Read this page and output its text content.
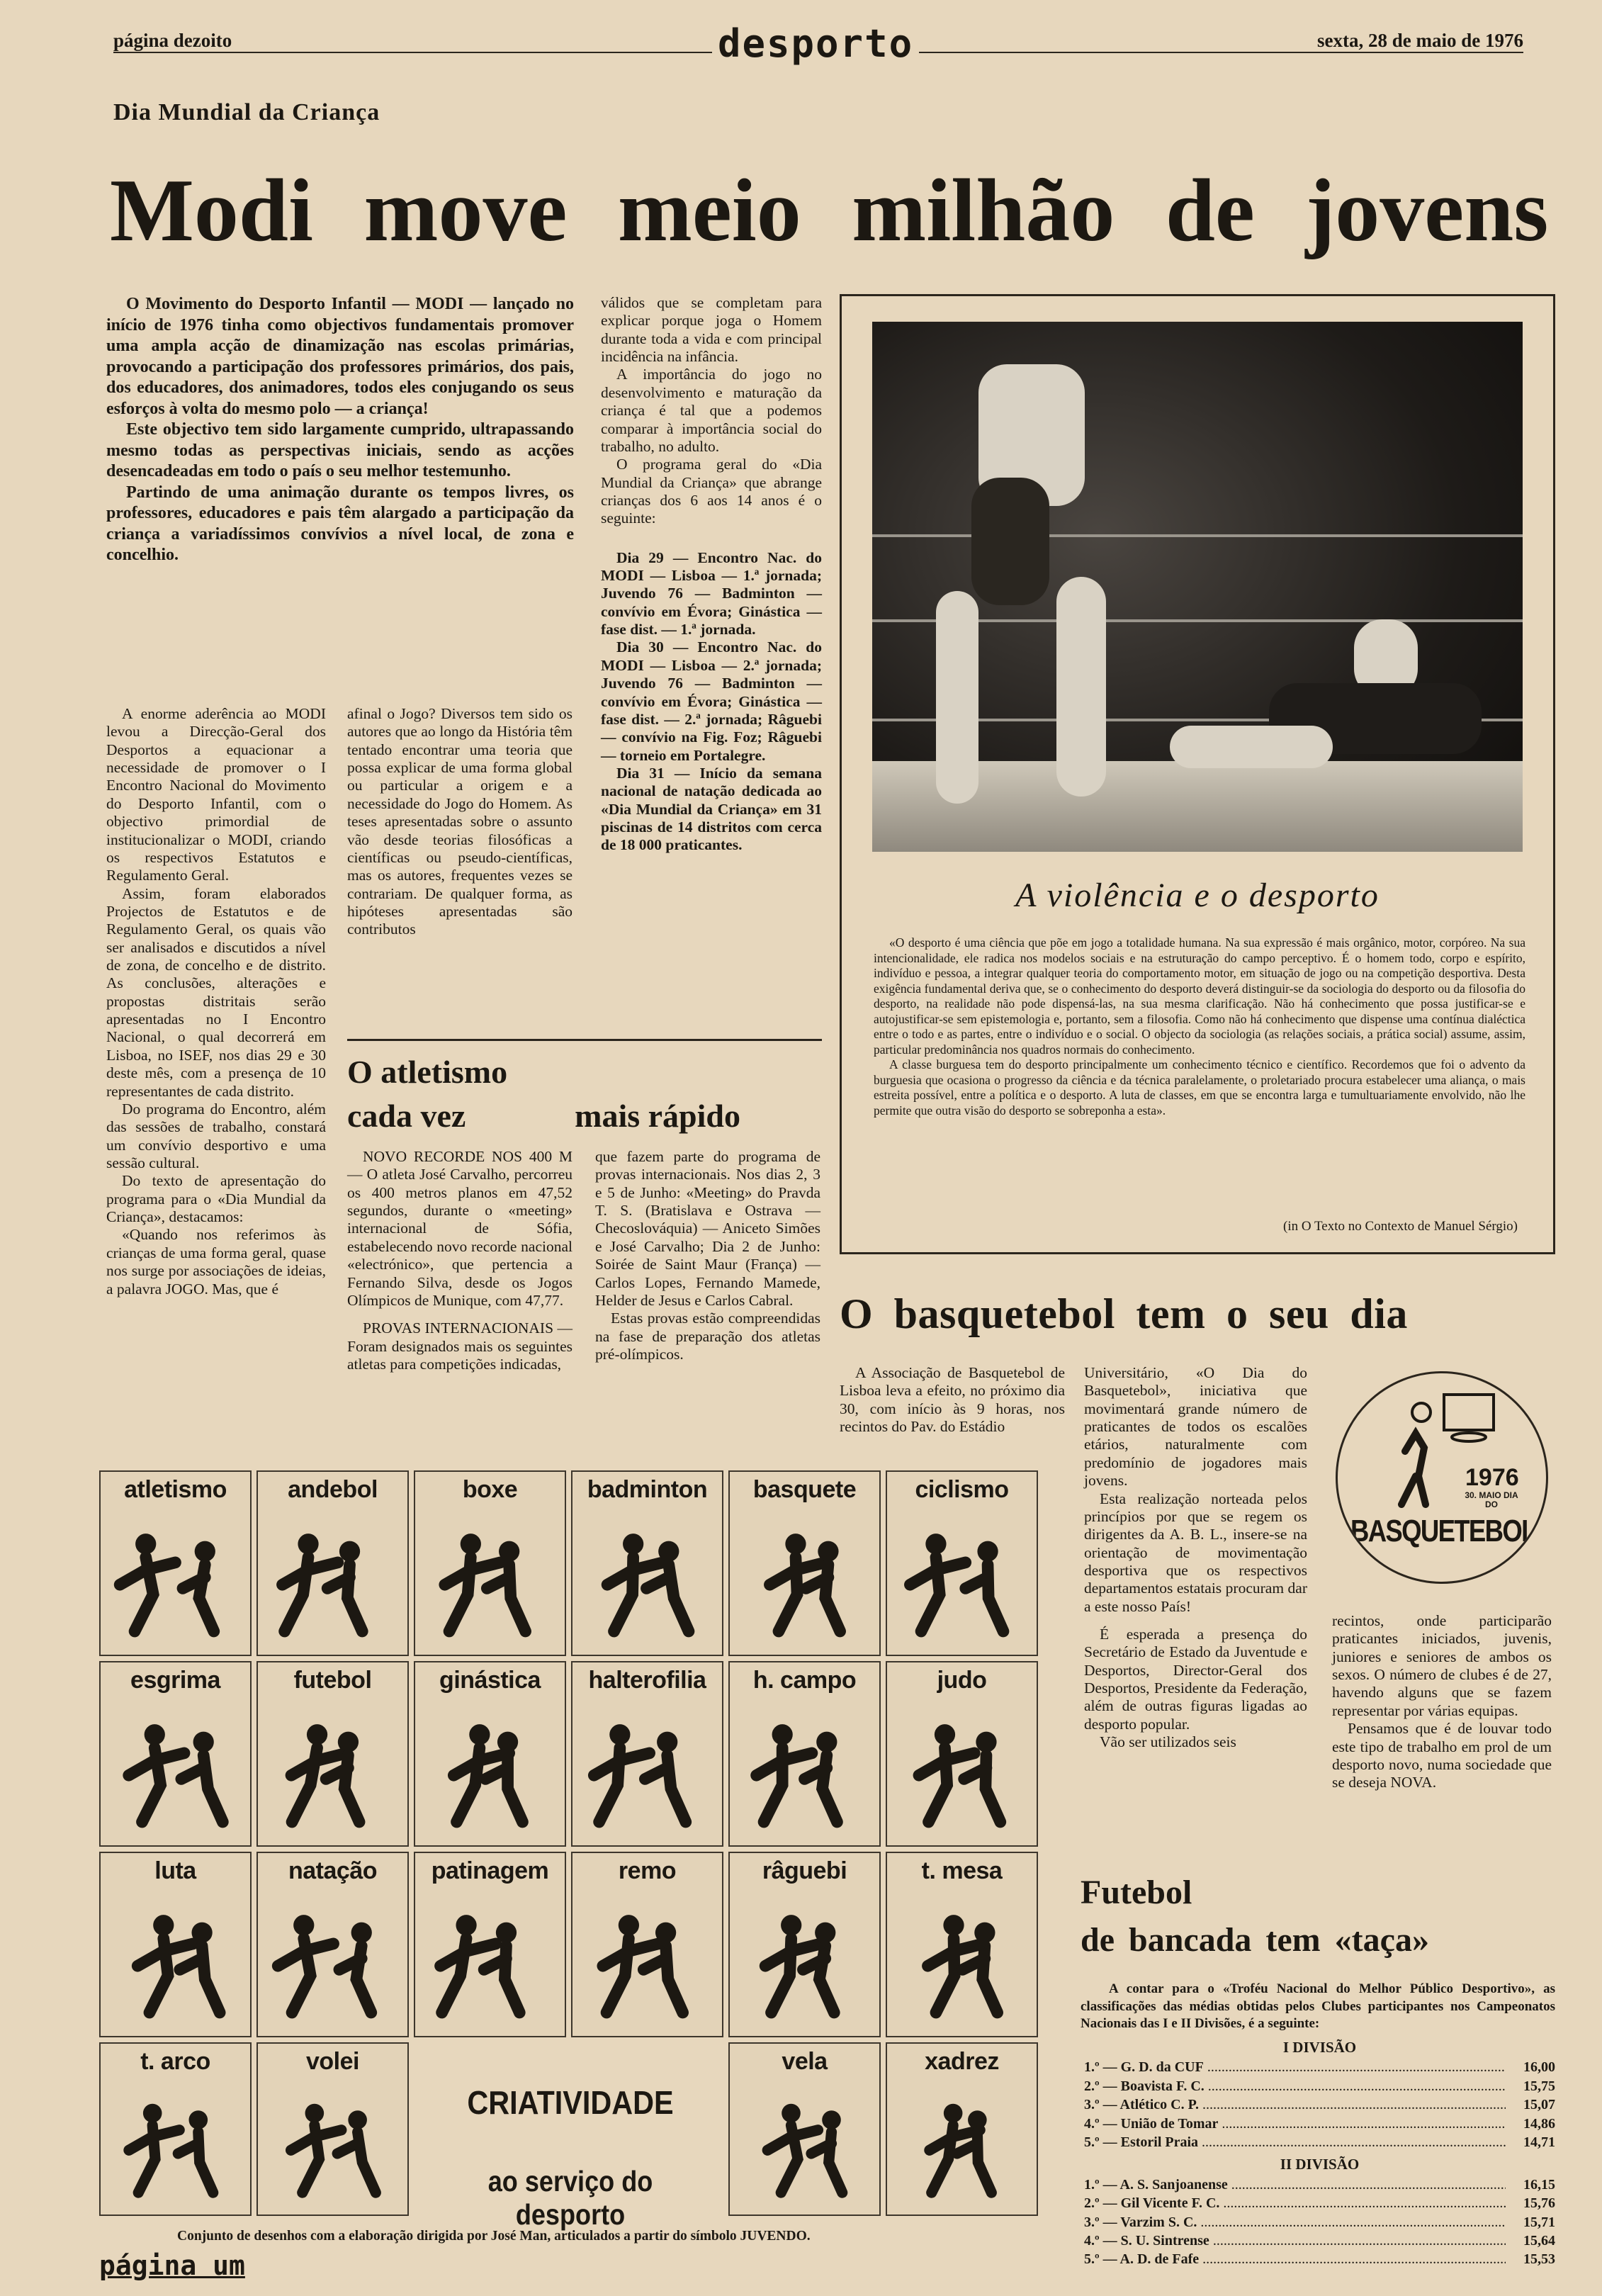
página dezoito	desporto	sexta, 28 de maio de 1976
Dia Mundial da Criança
Modi move meio milhão de jovens

O Movimento do Desporto Infantil — MODI — lançado no início de 1976 tinha como objectivos fundamentais promover uma ampla acção de dinamização nas escolas primárias, provocando a participação dos professores primários, dos pais, dos educadores, dos animadores, todos eles conjugando os seus esforços à volta do mesmo polo — a criança!

Este objectivo tem sido largamente cumprido, ultrapassando mesmo todas as perspectivas iniciais, sendo as acções desencadeadas em todo o país o seu melhor testemunho.

Partindo de uma animação durante os tempos livres, os professores, educadores e pais têm alargado a participação da criança a variadíssimos convívios a nível local, de zona e concelhio.

válidos que se completam para explicar porque joga o Homem durante toda a vida e com principal incidência na infância.

A importância do jogo no desenvolvimento e maturação da criança é tal que a podemos comparar à importância social do trabalho, no adulto.

O programa geral do «Dia Mundial da Criança» que abrange crianças dos 6 aos 14 anos é o seguinte:

Dia 29 — Encontro Nac. do MODI — Lisboa — 1.ª jornada; Juvendo 76 — Badminton — convívio em Évora; Ginástica — fase dist. — 1.ª jornada.

Dia 30 — Encontro Nac. do MODI — Lisboa — 2.ª jornada; Juvendo 76 — Badminton — convívio em Évora; Ginástica — fase dist. — 2.ª jornada; Râguebi — convívio na Fig. Foz; Râguebi — torneio em Portalegre.

Dia 31 — Início da semana nacional de natação dedicada ao «Dia Mundial da Criança» em 31 piscinas de 14 distritos com cerca de 18 000 praticantes.

A enorme aderência ao MODI levou a Direcção-Geral dos Desportos a equacionar a necessidade de promover o I Encontro Nacional do Movimento do Desporto Infantil, com o objectivo primordial de institucionalizar o MODI, criando os respectivos Estatutos e Regulamento Geral.

Assim, foram elaborados Projectos de Estatutos e de Regulamento Geral, os quais vão ser analisados e discutidos a nível de zona, de concelho e de distrito. As conclusões, alterações e propostas distritais serão apresentadas no I Encontro Nacional, o qual decorrerá em Lisboa, no ISEF, nos dias 29 e 30 deste mês, com a presença de 10 representantes de cada distrito.

Do programa do Encontro, além das sessões de trabalho, constará um convívio desportivo e uma sessão cultural.

Do texto de apresentação do programa para o «Dia Mundial da Criança», destacamos:

«Quando nos referimos às crianças de uma forma geral, quase nos surge por associações de ideias, a palavra JOGO. Mas, que é

afinal o Jogo? Diversos tem sido os autores que ao longo da História têm tentado encontrar uma teoria que possa explicar de uma forma global ou particular a origem e a necessidade do Jogo do Homem. As teses apresentadas sobre o assunto vão desde teorias filosóficas a científicas ou pseudo-científicas, mas os autores, frequentes vezes se contrariam. De qualquer forma, as hipóteses apresentadas são contributos

O atletismo
cada vez	mais rápido

NOVO RECORDE NOS 400 M — O atleta José Carvalho, percorreu os 400 metros planos em 47,52 segundos, durante o «meeting» internacional de Sófia, estabelecendo novo recorde nacional «electrónico», que pertencia a Fernando Silva, desde os Jogos Olímpicos de Munique, com 47,77.

PROVAS INTERNACIONAIS — Foram designados mais os seguintes atletas para competições indicadas,

que fazem parte do programa de provas internacionais. Nos dias 2, 3 e 5 de Junho: «Meeting» do Pravda T. S. (Bratislava e Ostrava — Checoslováquia) — Aniceto Simões e José Carvalho; Dia 2 de Junho: Soirée de Saint Maur (França) — Carlos Lopes, Fernando Mamede, Helder de Jesus e Carlos Cabral.

Estas provas estão compreendidas na fase de preparação dos atletas pré-olímpicos.

A violência e o desporto

«O desporto é uma ciência que põe em jogo a totalidade humana. Na sua expressão é mais orgânico, motor, corpóreo. Na sua intencionalidade, ele radica nos modelos sociais e na estruturação do campo perceptivo. É o homem todo, corpo e espírito, indivíduo e pessoa, a integrar qualquer teoria do comportamento motor, em situação de jogo ou na competição desportiva. Desta exigência fundamental deriva que, se o conhecimento do desporto deverá distinguir-se da sociologia do desporto ou da filosofia do desporto, na realidade não pode dispensá-las, na sua mesma clarificação. Não há conhecimento que possa justificar-se e autojustificar-se sem epistemologia e, portanto, sem a filosofia. Como não há conhecimento que dispense uma contínua dialéctica entre o todo e as partes, entre o indivíduo e o social. O objecto da sociologia (as relações sociais, a prática social) assume, assim, particular predominância nos quadros normais do conhecimento.

A classe burguesa tem do desporto principalmente um conhecimento técnico e científico. Recordemos que foi o advento da burguesia que ocasiona o progresso da ciência e da técnica paralelamente, o proletariado procura estabelecer uma aliança, o mais estreita possível, entre a política e o desporto. A luta de classes, em que se encontra larga e tumultuariamente envolvido, não lhe permite que outra visão do desporto se sobreponha a esta».

(in O Texto no Contexto de Manuel Sérgio)
O basquetebol tem o seu dia

A Associação de Basquetebol de Lisboa leva a efeito, no próximo dia 30, com início às 9 horas, nos recintos do Pav. do Estádio

Universitário, «O Dia do Basquetebol», iniciativa que movimentará grande número de praticantes de todos os escalões etários, naturalmente com predomínio de jogadores mais jovens.

Esta realização norteada pelos princípios por que se regem os dirigentes da A. B. L., insere-se na orientação de movimentação desportiva que os respectivos departamentos estatais procuram dar a este nosso País!

É esperada a presença do Secretário de Estado da Juventude e Desportos, Director-Geral dos Desportos, Presidente da Federação, além de outras figuras ligadas ao desporto popular.

Vão ser utilizados seis

1976
30. MAIO DIA DO
BASQUETEBOL

recintos, onde participarão praticantes iniciados, juvenis, juniores e seniores de ambos os sexos. O número de clubes é de 27, havendo alguns que se fazem representar por várias equipas.

Pensamos que é de louvar todo este tipo de trabalho em prol de um desporto novo, numa sociedade que se deseja NOVA.

atletismo	andebol	boxe	badminton	basquete	ciclismo
esgrima	futebol	ginástica	halterofilia	h. campo	judo
luta	natação	patinagem	remo	râguebi	t. mesa
t. arco	volei	vela	xadrez
CRIATIVIDADE
ao serviço do desporto
Conjunto de desenhos com a elaboração dirigida por José Man, articulados a partir do símbolo JUVENDO.
Futebol
de bancada tem «taça»
A contar para o «Troféu Nacional do Melhor Público Desportivo», as classificações das médias obtidas pelos Clubes participantes nos Campeonatos Nacionais das I e II Divisões, é a seguinte:
I DIVISÃO
1.º — G. D. da CUF .....	16,00
2.º — Boavista F. C. .....	15,75
3.º — Atlético C. P. .....	15,07
4.º — União de Tomar .....	14,86
5.º — Estoril Praia .....	14,71
II DIVISÃO
1.º — A. S. Sanjoanense .....	16,15
2.º — Gil Vicente F. C. .....	15,76
3.º — Varzim S. C. .....	15,71
4.º — S. U. Sintrense .....	15,64
5.º — A. D. de Fafe .....	15,53
página um
